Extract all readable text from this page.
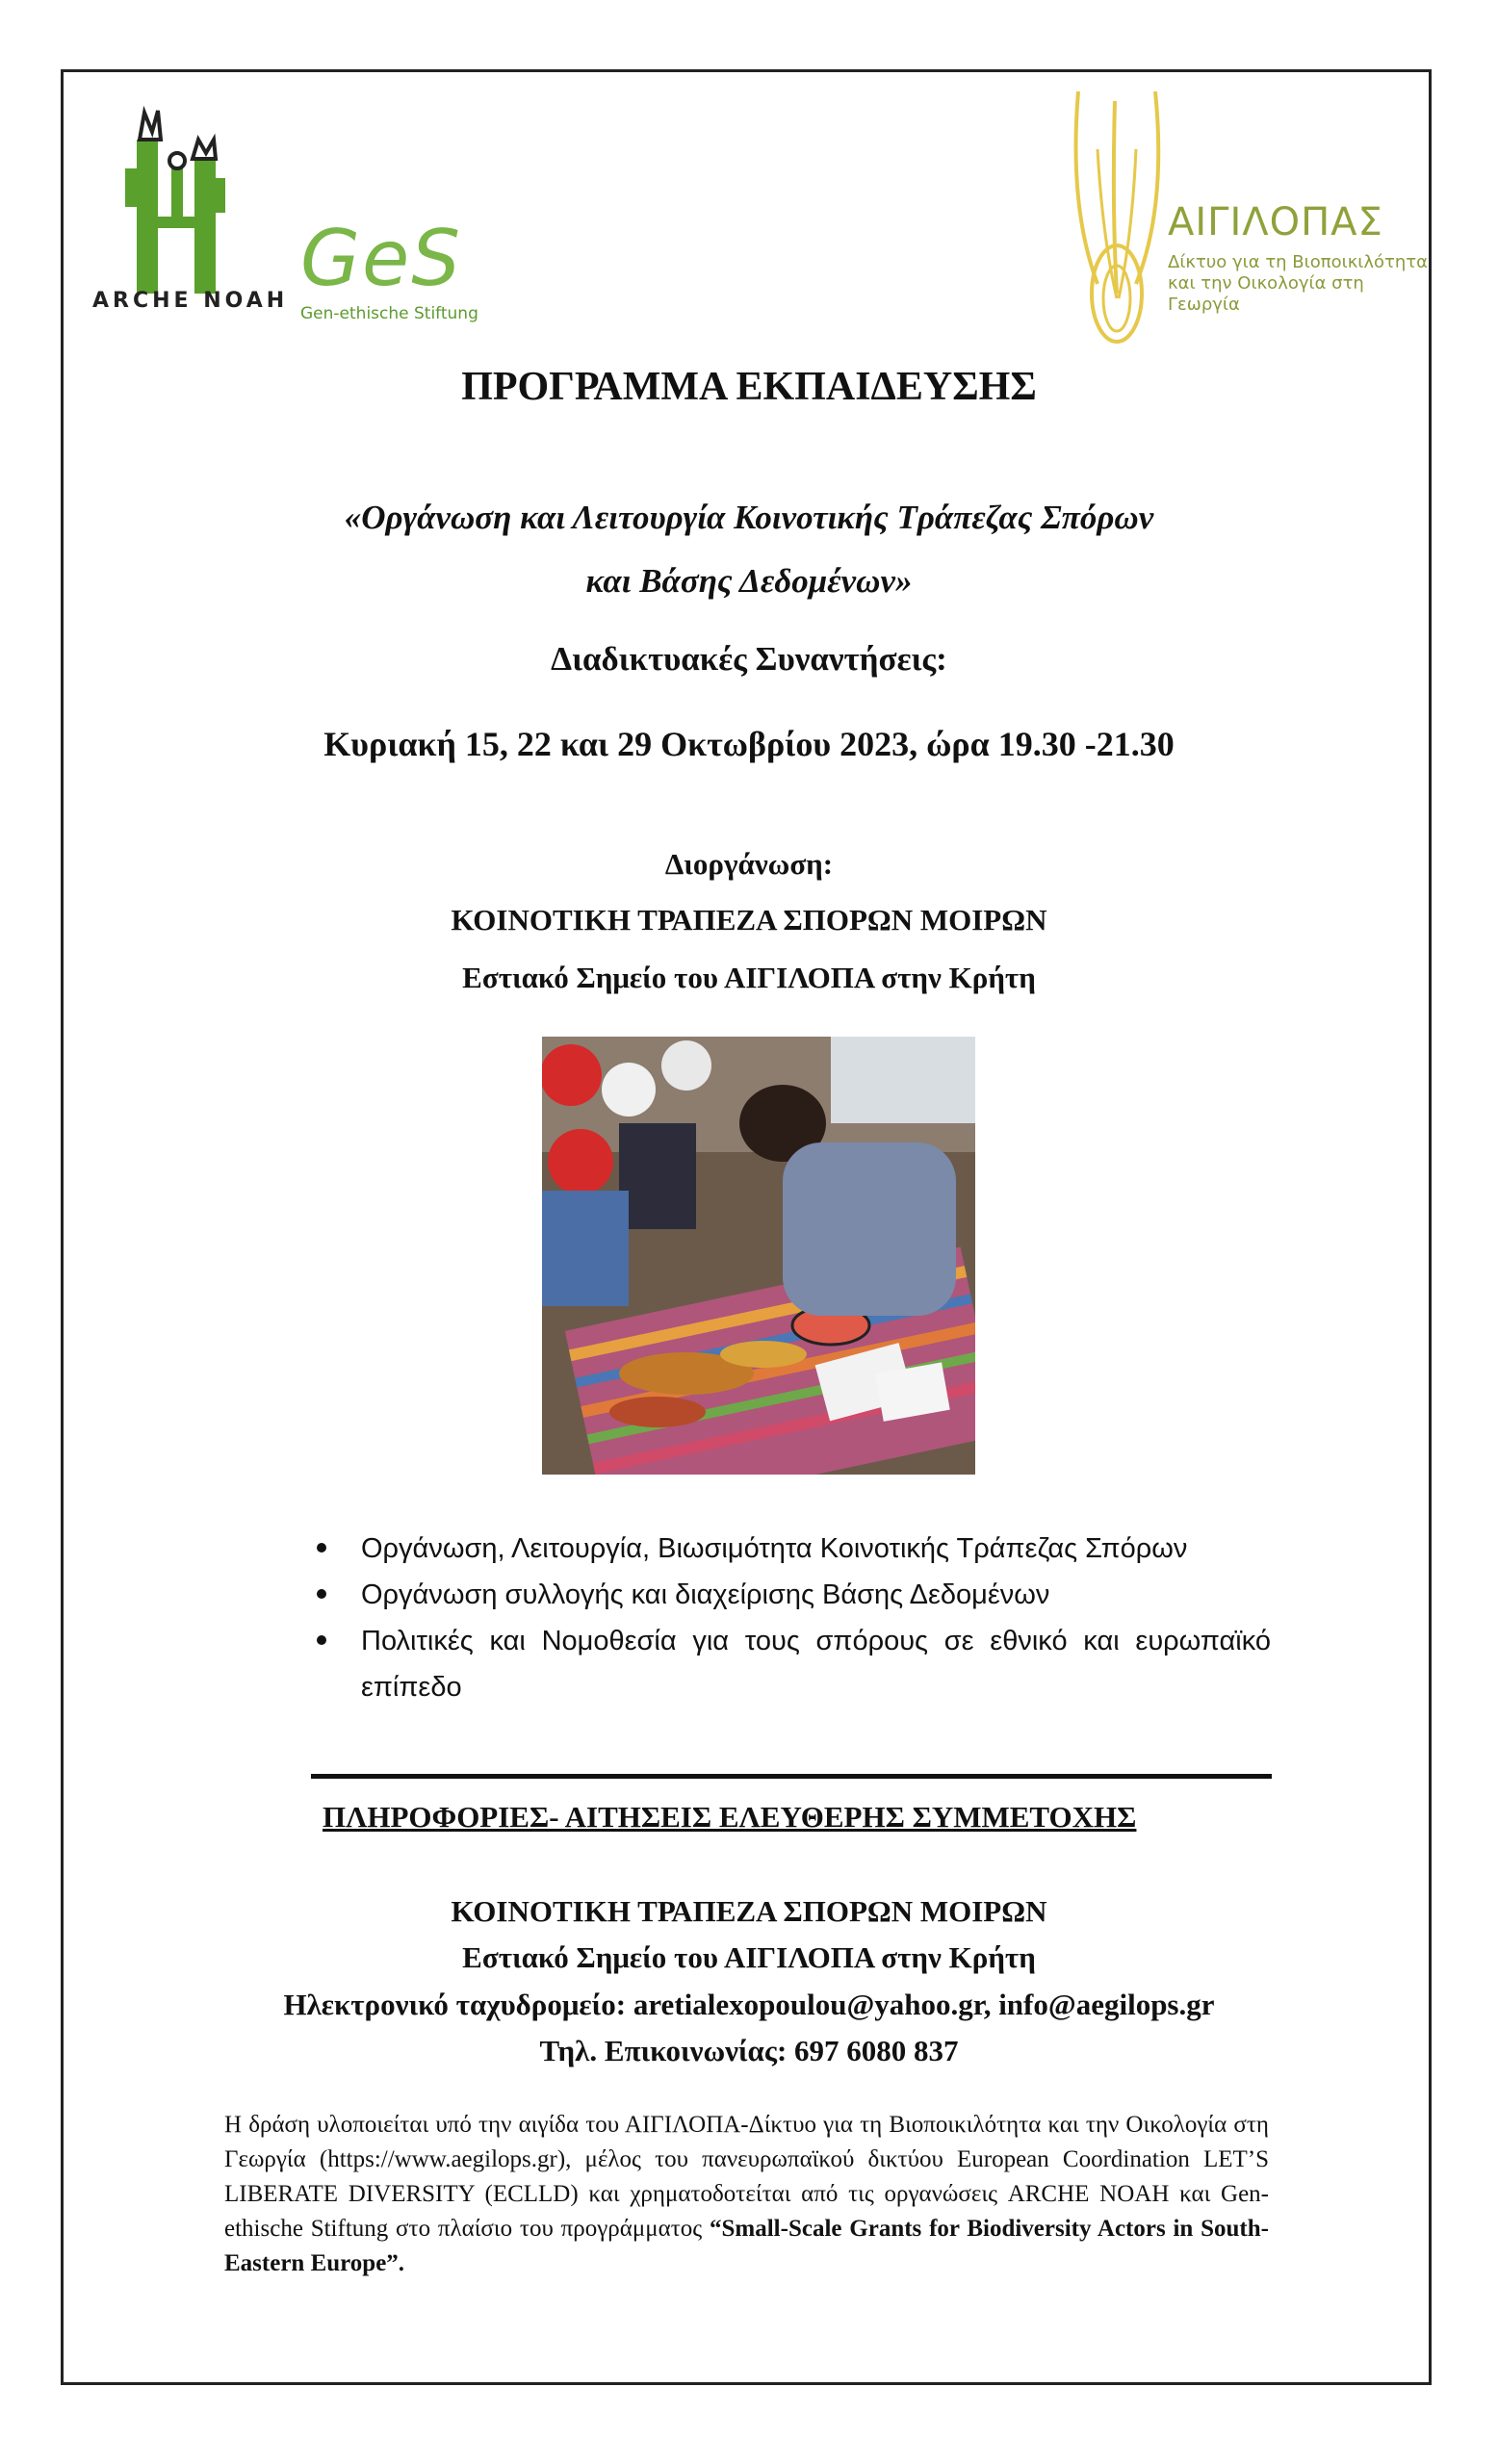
ARCHE NOAH GeS
Gen-ethische Stiftung
ΑΙΓΙΛΟΠΑΣ
Δίκτυο για τη Βιοποικιλότητα και την Οικολογία στη Γεωργία
ΠΡΟΓΡΑΜΜΑ ΕΚΠΑΙΔΕΥΣΗΣ
«Οργάνωση και Λειτουργία Κοινοτικής Τράπεζας Σπόρων
και Βάσης Δεδομένων»
Διαδικτυακές Συναντήσεις:
Κυριακή 15, 22 και 29 Οκτωβρίου 2023, ώρα 19.30 -21.30
Διοργάνωση:
ΚΟΙΝΟΤΙΚΗ ΤΡΑΠΕΖΑ ΣΠΟΡΩΝ ΜΟΙΡΩΝ
Εστιακό Σημείο του ΑΙΓΙΛΟΠΑ στην Κρήτη
Οργάνωση, Λειτουργία, Βιωσιμότητα Κοινοτικής Τράπεζας Σπόρων
Οργάνωση συλλογής και διαχείρισης Βάσης Δεδομένων
Πολιτικές και Νομοθεσία για τους σπόρους σε εθνικό και ευρωπαϊκό επίπεδο
ΠΛΗΡΟΦΟΡΙΕΣ- ΑΙΤΗΣΕΙΣ ΕΛΕΥΘΕΡΗΣ ΣΥΜΜΕΤΟΧΗΣ
ΚΟΙΝΟΤΙΚΗ ΤΡΑΠΕΖΑ ΣΠΟΡΩΝ ΜΟΙΡΩΝ
Εστιακό Σημείο του ΑΙΓΙΛΟΠΑ στην Κρήτη
Ηλεκτρονικό ταχυδρομείο: aretialexopoulou@yahoo.gr, info@aegilops.gr
Τηλ. Επικοινωνίας: 697 6080 837
Η δράση υλοποιείται υπό την αιγίδα του ΑΙΓΙΛΟΠΑ-Δίκτυο για τη Βιοποικιλότητα και την Οικολογία στη Γεωργία (https://www.aegilops.gr), μέλος του πανευρωπαϊκού δικτύου European Coordination LET’S LIBERATE DIVERSITY (ECLLD) και χρηματοδοτείται από τις οργανώσεις ARCHE NOAH και Gen-ethische Stiftung στο πλαίσιο του προγράμματος “Small-Scale Grants for Biodiversity Actors in South-Eastern Europe”.
